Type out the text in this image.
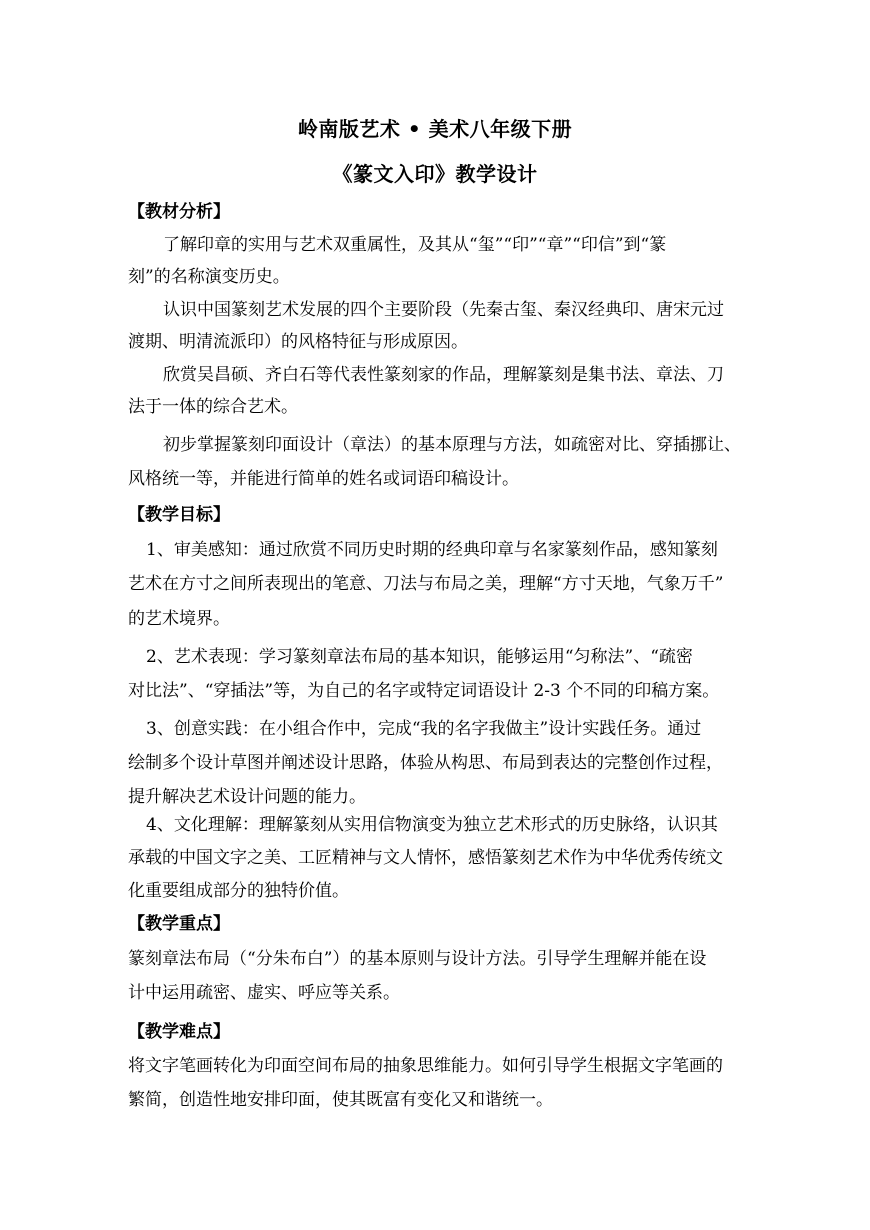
岭南版艺术 • 美术八年级下册
《篆文入印》教学设计
【教材分析】
了解印章的实用与艺术双重属性，及其从“玺”“印”“章”“印信”到“篆
刻”的名称演变历史。
认识中国篆刻艺术发展的四个主要阶段（先秦古玺、秦汉经典印、唐宋元过
渡期、明清流派印）的风格特征与形成原因。
欣赏吴昌硕、齐白石等代表性篆刻家的作品，理解篆刻是集书法、章法、刀
法于一体的综合艺术。
初步掌握篆刻印面设计（章法）的基本原理与方法，如疏密对比、穿插挪让、
风格统一等，并能进行简单的姓名或词语印稿设计。
【教学目标】
1、审美感知：通过欣赏不同历史时期的经典印章与名家篆刻作品，感知篆刻
艺术在方寸之间所表现出的笔意、刀法与布局之美，理解“方寸天地，气象万千”
的艺术境界。
2、艺术表现：学习篆刻章法布局的基本知识，能够运用“匀称法”、“疏密
对比法”、“穿插法”等，为自己的名字或特定词语设计 2-3 个不同的印稿方案。
3、创意实践：在小组合作中，完成“我的名字我做主”设计实践任务。通过
绘制多个设计草图并阐述设计思路，体验从构思、布局到表达的完整创作过程，
提升解决艺术设计问题的能力。
4、文化理解：理解篆刻从实用信物演变为独立艺术形式的历史脉络，认识其
承载的中国文字之美、工匠精神与文人情怀，感悟篆刻艺术作为中华优秀传统文
化重要组成部分的独特价值。
【教学重点】
篆刻章法布局（“分朱布白”）的基本原则与设计方法。引导学生理解并能在设
计中运用疏密、虚实、呼应等关系。
【教学难点】
将文字笔画转化为印面空间布局的抽象思维能力。如何引导学生根据文字笔画的
繁简，创造性地安排印面，使其既富有变化又和谐统一。
